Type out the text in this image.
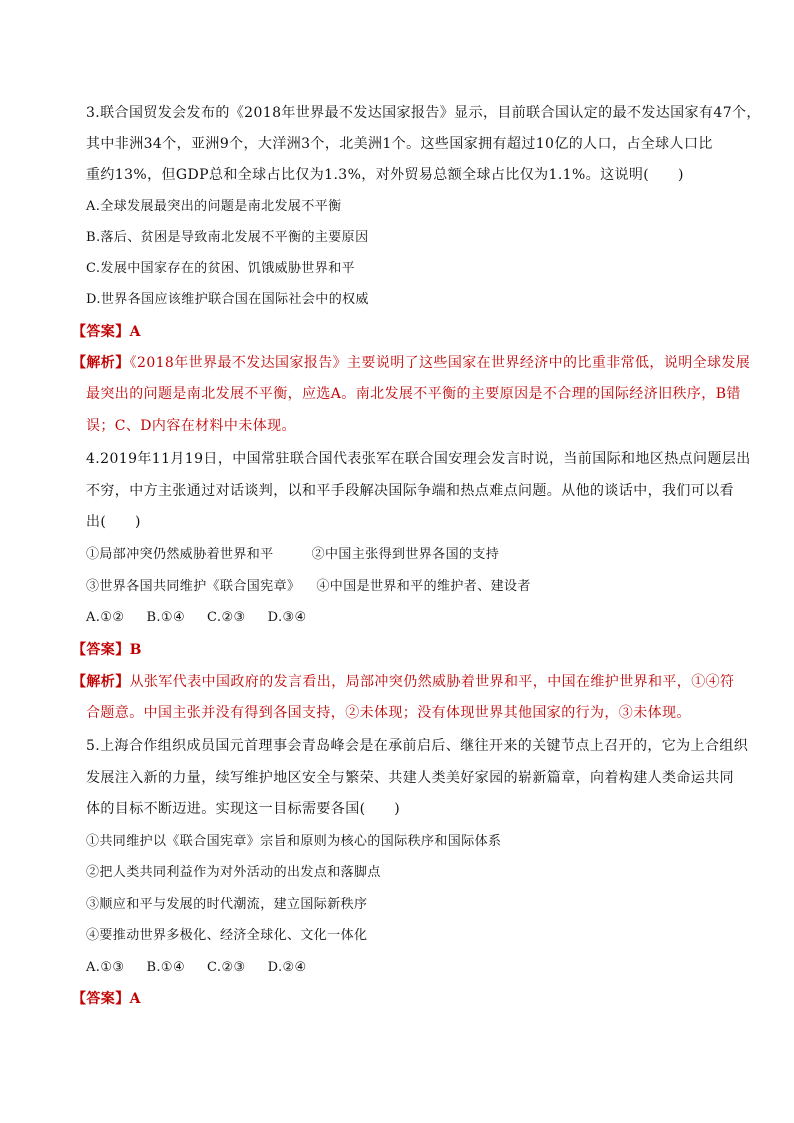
3.联合国贸发会发布的《2018年世界最不发达国家报告》显示，目前联合国认定的最不发达国家有47个，
其中非洲34个，亚洲9个，大洋洲3个，北美洲1个。这些国家拥有超过10亿的人口，占全球人口比
重约13%，但GDP总和全球占比仅为1.3%，对外贸易总额全球占比仅为1.1%。这说明(　　)
A.全球发展最突出的问题是南北发展不平衡
B.落后、贫困是导致南北发展不平衡的主要原因
C.发展中国家存在的贫困、饥饿威胁世界和平
D.世界各国应该维护联合国在国际社会中的权威
【答案】A
【解析】《2018年世界最不发达国家报告》主要说明了这些国家在世界经济中的比重非常低，说明全球发展
最突出的问题是南北发展不平衡，应选A。南北发展不平衡的主要原因是不合理的国际经济旧秩序，B错
误；C、D内容在材料中未体现。
4.2019年11月19日，中国常驻联合国代表张军在联合国安理会发言时说，当前国际和地区热点问题层出
不穷，中方主张通过对话谈判，以和平手段解决国际争端和热点难点问题。从他的谈话中，我们可以看
出(　　)
①局部冲突仍然威胁着世界和平	②中国主张得到世界各国的支持
③世界各国共同维护《联合国宪章》 ④中国是世界和平的维护者、建设者
A.①② B.①④ C.②③ D.③④
【答案】B
【解析】从张军代表中国政府的发言看出，局部冲突仍然威胁着世界和平，中国在维护世界和平，①④符
合题意。中国主张并没有得到各国支持，②未体现；没有体现世界其他国家的行为，③未体现。
5.上海合作组织成员国元首理事会青岛峰会是在承前启后、继往开来的关键节点上召开的，它为上合组织
发展注入新的力量，续写维护地区安全与繁荣、共建人类美好家园的崭新篇章，向着构建人类命运共同
体的目标不断迈进。实现这一目标需要各国(　　)
①共同维护以《联合国宪章》宗旨和原则为核心的国际秩序和国际体系
②把人类共同利益作为对外活动的出发点和落脚点
③顺应和平与发展的时代潮流，建立国际新秩序
④要推动世界多极化、经济全球化、文化一体化
A.①③ B.①④ C.②③ D.②④
【答案】A
